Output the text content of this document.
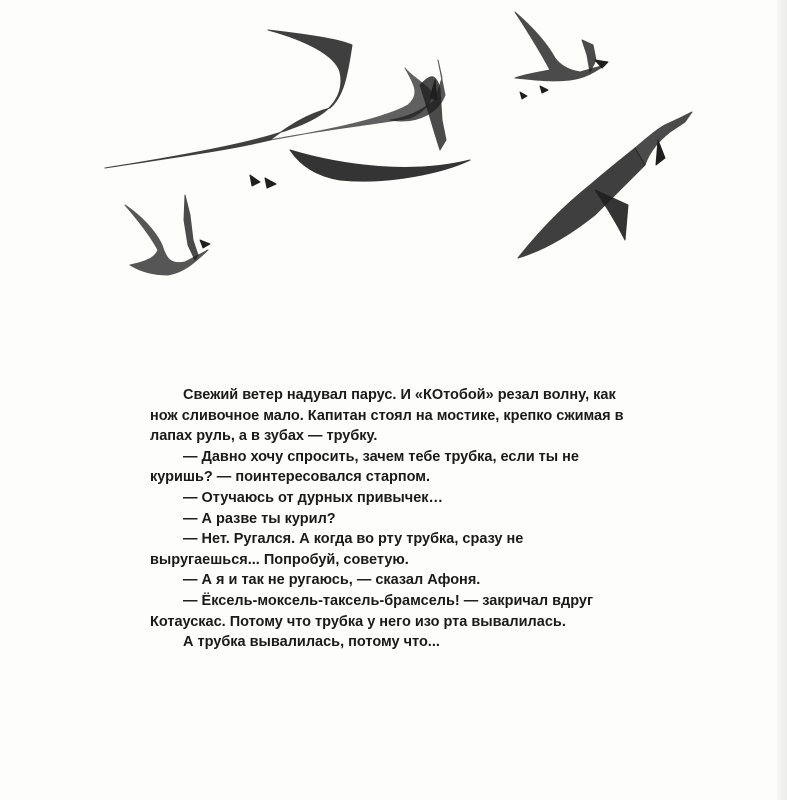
Свежий ветер надувал парус. И «КОтобой» резал волну, как нож сливочное мало. Капитан стоял на мостике, крепко сжимая в лапах руль, а в зубах — трубку.

— Давно хочу спросить, зачем тебе трубка, если ты не куришь? — поинтересовался старпом.

— Отучаюсь от дурных привычек…

— А разве ты курил?

— Нет. Ругался. А когда во рту трубка, сразу не выругаешься... Попробуй, советую.

— А я и так не ругаюсь, — сказал Афоня.

— Ёксель-моксель-таксель-брамсель! — закричал вдруг Котаускас. Потому что трубка у него изо рта вывалилась.

А трубка вывалилась, потому что...
